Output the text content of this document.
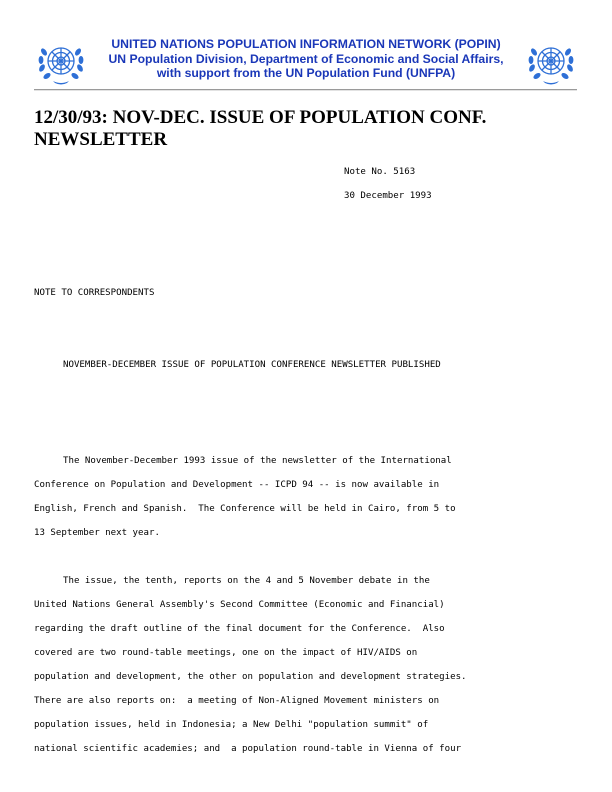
UNITED NATIONS POPULATION INFORMATION NETWORK (POPIN)
UN Population Division, Department of Economic and Social Affairs,
with support from the UN Population Fund (UNFPA)
12/30/93: NOV-DEC. ISSUE OF POPULATION CONF. NEWSLETTER
Note No. 5163
30 December 1993
NOTE TO CORRESPONDENTS
NOVEMBER-DECEMBER ISSUE OF POPULATION CONFERENCE NEWSLETTER PUBLISHED
The November-December 1993 issue of the newsletter of the International
Conference on Population and Development -- ICPD 94 -- is now available in
English, French and Spanish.  The Conference will be held in Cairo, from 5 to
13 September next year.
The issue, the tenth, reports on the 4 and 5 November debate in the
United Nations General Assembly's Second Committee (Economic and Financial)
regarding the draft outline of the final document for the Conference.  Also
covered are two round-table meetings, one on the impact of HIV/AIDS on
population and development, the other on population and development strategies.
There are also reports on:  a meeting of Non-Aligned Movement ministers on
population issues, held in Indonesia; a New Delhi "population summit" of
national scientific academies; and  a population round-table in Vienna of four
